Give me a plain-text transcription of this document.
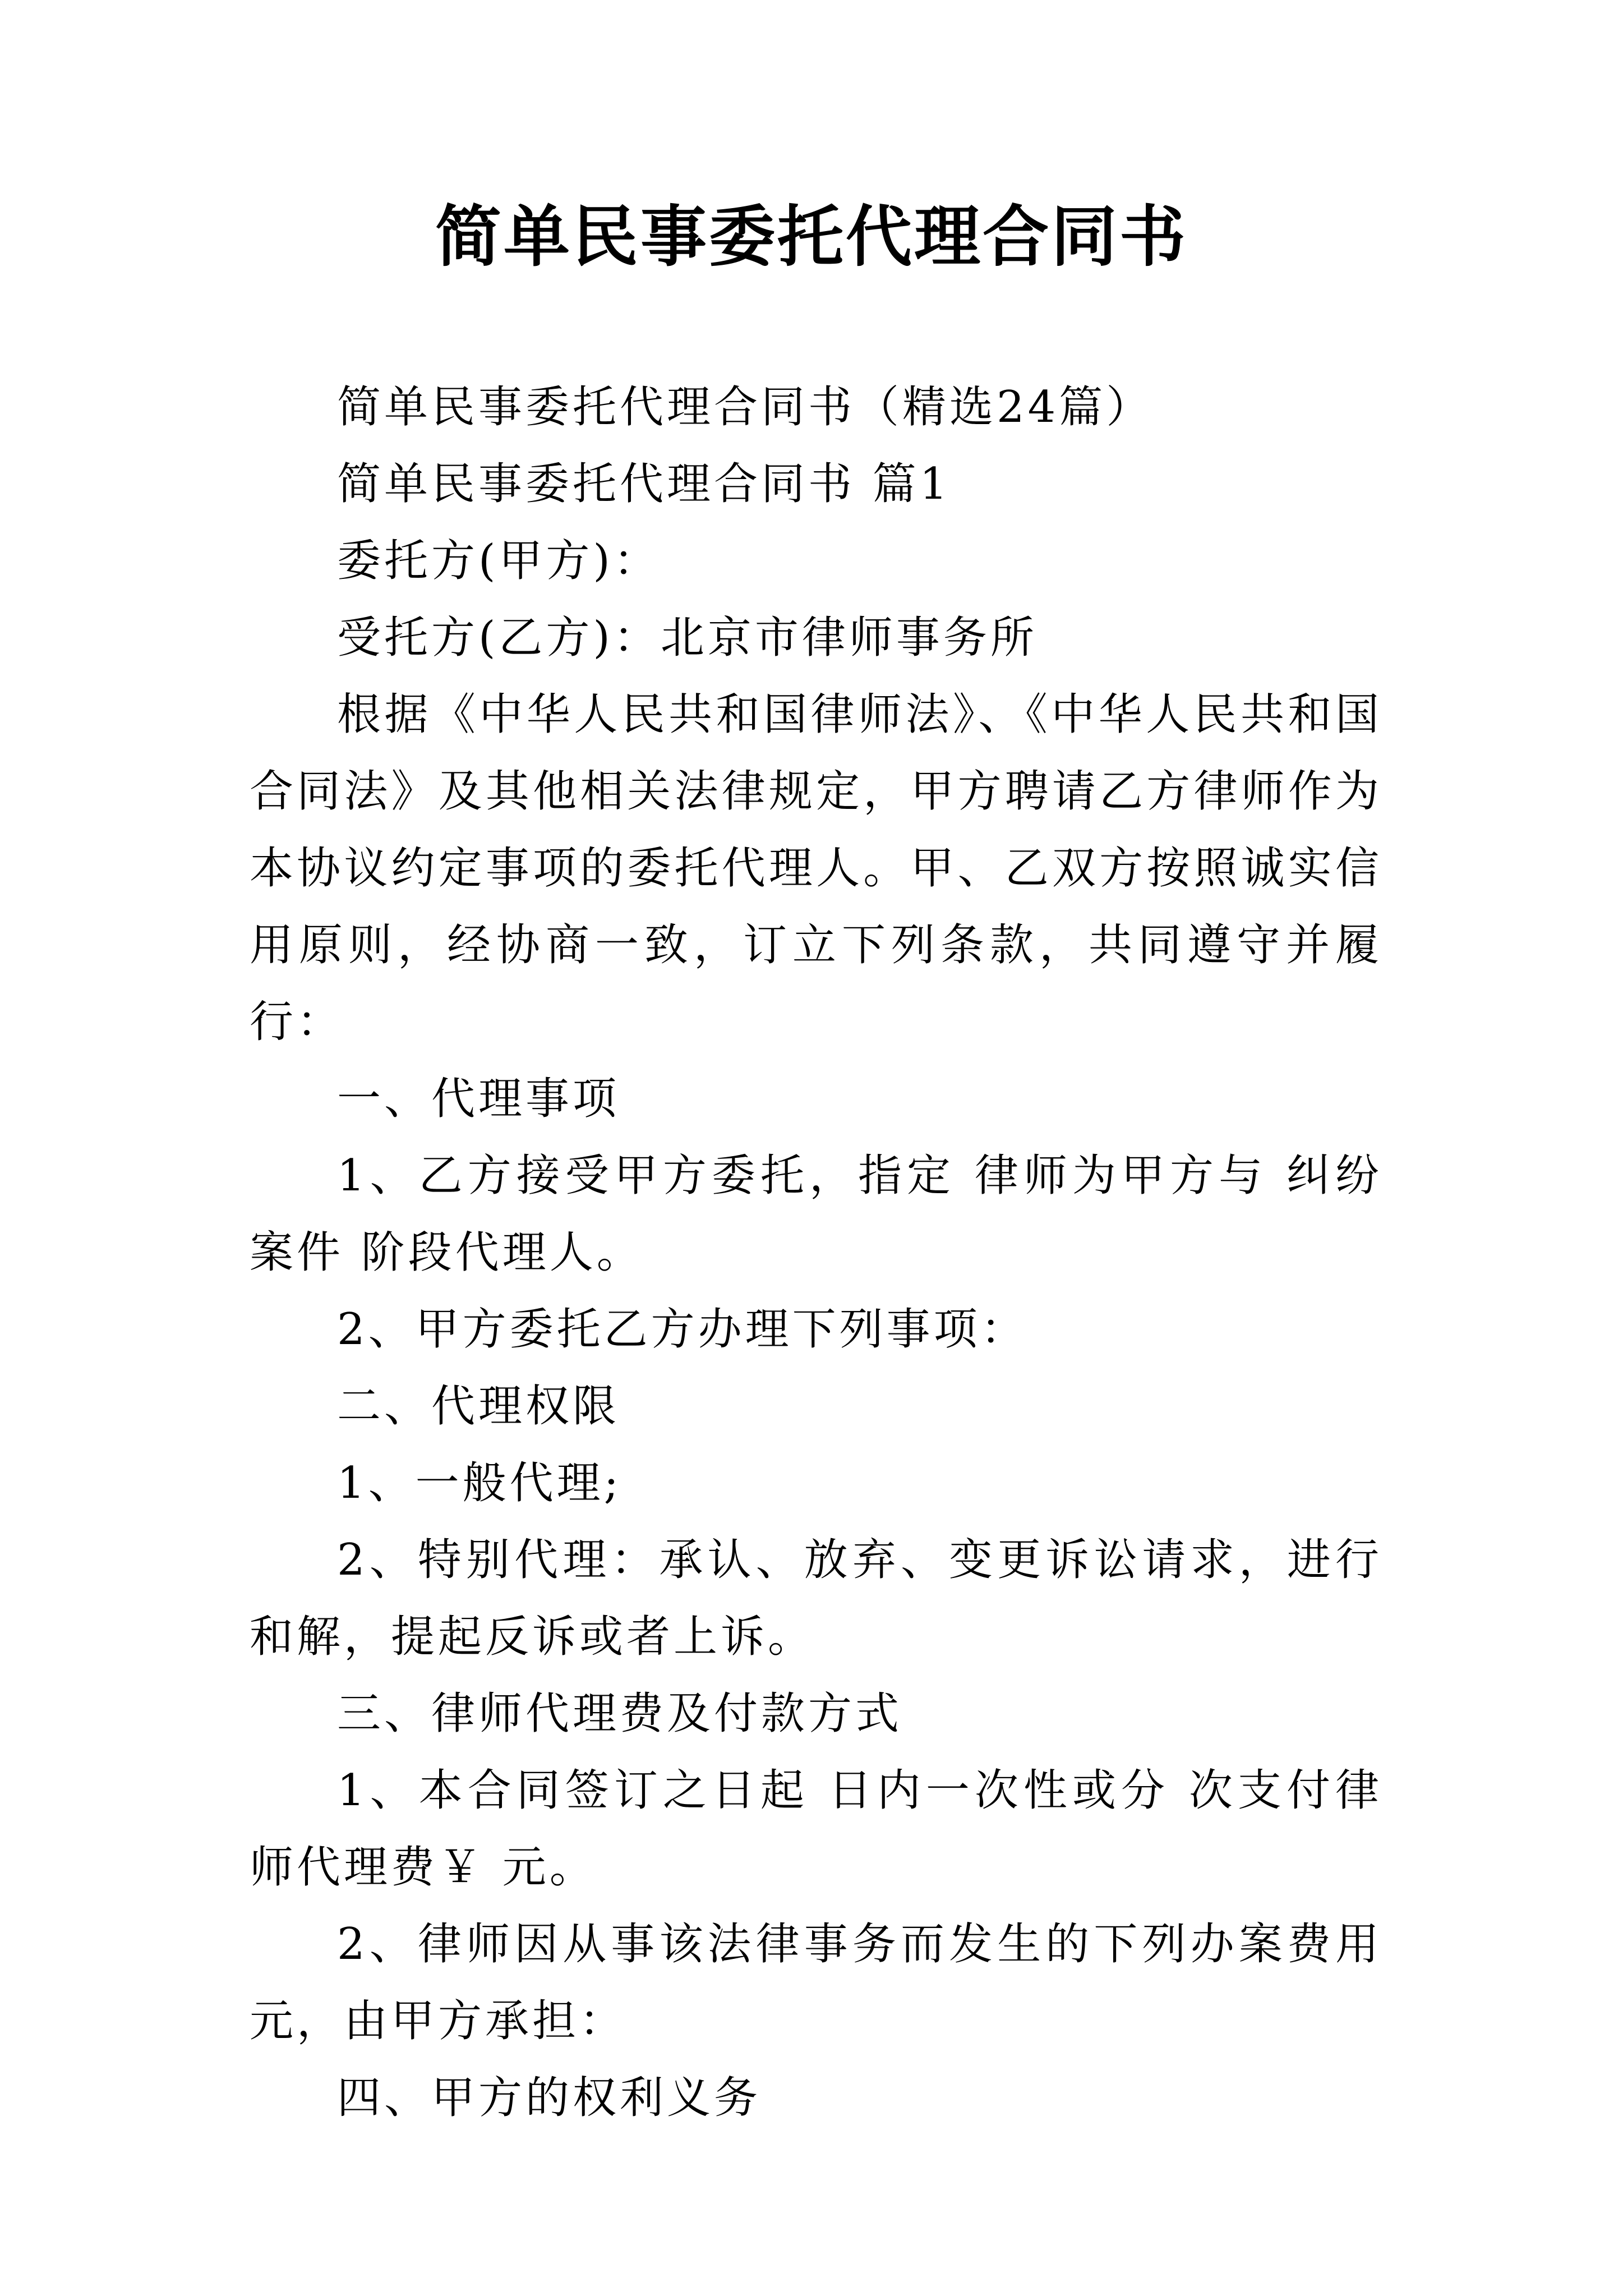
简单民事委托代理合同书

简单民事委托代理合同书（精选24篇）

简单民事委托代理合同书 篇1

委托方(甲方)：

受托方(乙方)：北京市律师事务所

根据《中华人民共和国律师法》、《中华人民共和国合同法》及其他相关法律规定，甲方聘请乙方律师作为本协议约定事项的委托代理人。甲、乙双方按照诚实信用原则，经协商一致，订立下列条款，共同遵守并履行：

一、代理事项

1、乙方接受甲方委托，指定 律师为甲方与 纠纷案件 阶段代理人。

2、甲方委托乙方办理下列事项：

二、代理权限

1、一般代理;

2、特别代理：承认、放弃、变更诉讼请求，进行和解，提起反诉或者上诉。

三、律师代理费及付款方式

1、本合同签订之日起 日内一次性或分 次支付律师代理费￥ 元。

2、律师因从事该法律事务而发生的下列办案费用 元，由甲方承担：

四、甲方的权利义务
